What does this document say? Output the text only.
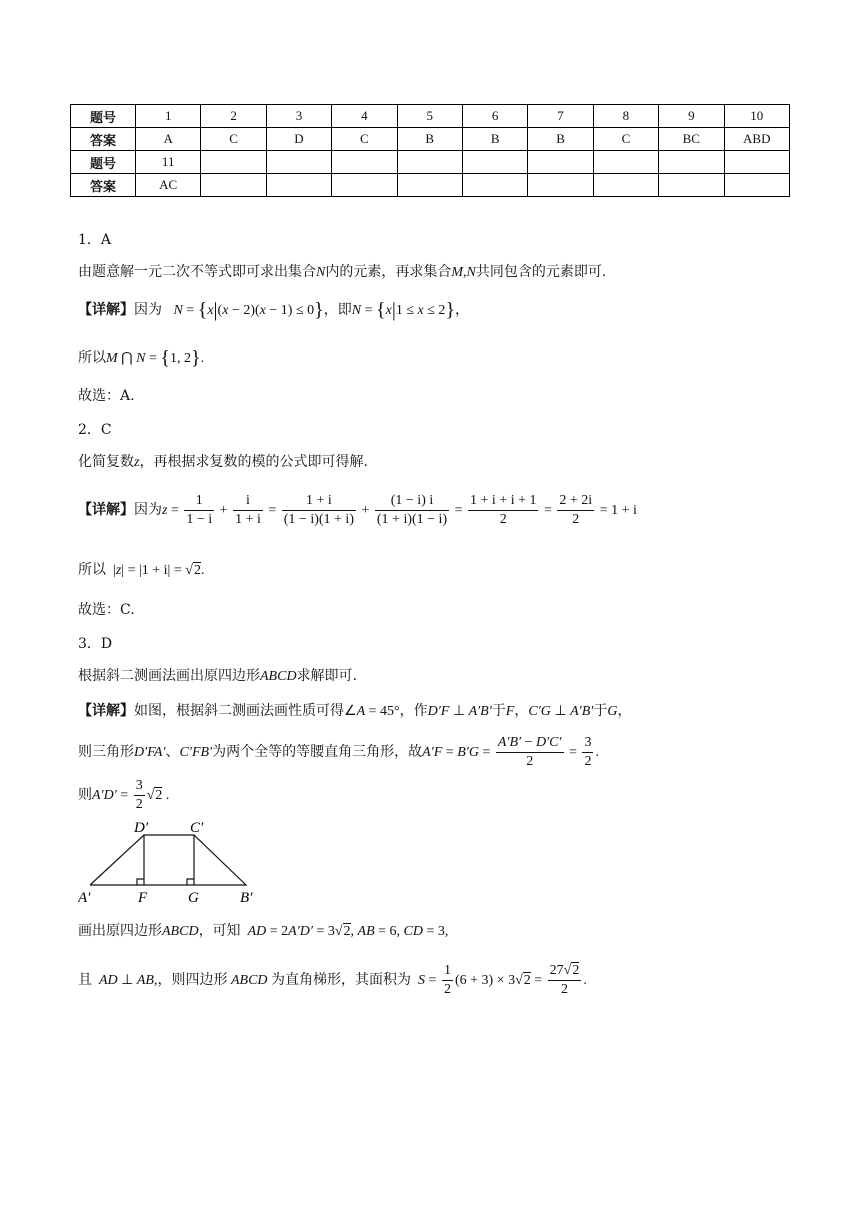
题号	1	2	3	4	5	6	7	8	9	10
答案	A	C	D	C	B	B	B	C	BC	ABD
题号	11									
答案	AC									
1．A
由题意解一元二次不等式即可求出集合N内的元素，再求集合M,N共同包含的元素即可.
【详解】因为 N = {x|(x − 2)(x − 1) ≤ 0}，即N = {x|1 ≤ x ≤ 2}，
所以M ⋂ N = {1, 2}.
故选：A.
2．C
化简复数z，再根据求复数的模的公式即可得解.
【详解】因为$z = \frac{1}{1 - i} + \frac{i}{1 + i} = \frac{1 + i}{(1 - i)(1 + i)} + \frac{(1 - i) i}{(1 + i)(1 - i)} = \frac{1 + i + i + 1}{2} = \frac{2 + 2i}{2} = 1 + i$
所以  |z| = |1 + i| = √2.
故选：C.
3．D
根据斜二测画法画出原四边形ABCD求解即可.
【详解】如图，根据斜二测画法画性质可得∠A = 45°，作D′F ⊥ A′B′于F，C′G ⊥ A′B′于G，
则三角形D′FA′、C′FB′为两个全等的等腰直角三角形，故$A'F = B'G = \frac{A'B' - D'C'}{2} = \frac{3}{2}$ .
则$A'D' = \frac{3}{2} √2$ .
D′	C′
A′	F	G	B′
画出原四边形ABCD，可知 AD = 2A′D′ = 3√2, AB = 6, CD = 3,
且 AD ⊥ AB,，则四边形 ABCD 为直角梯形，其面积为 $S = \frac{1}{2} (6 + 3) \times 3√2 = \frac{27√2}{2}$ .
